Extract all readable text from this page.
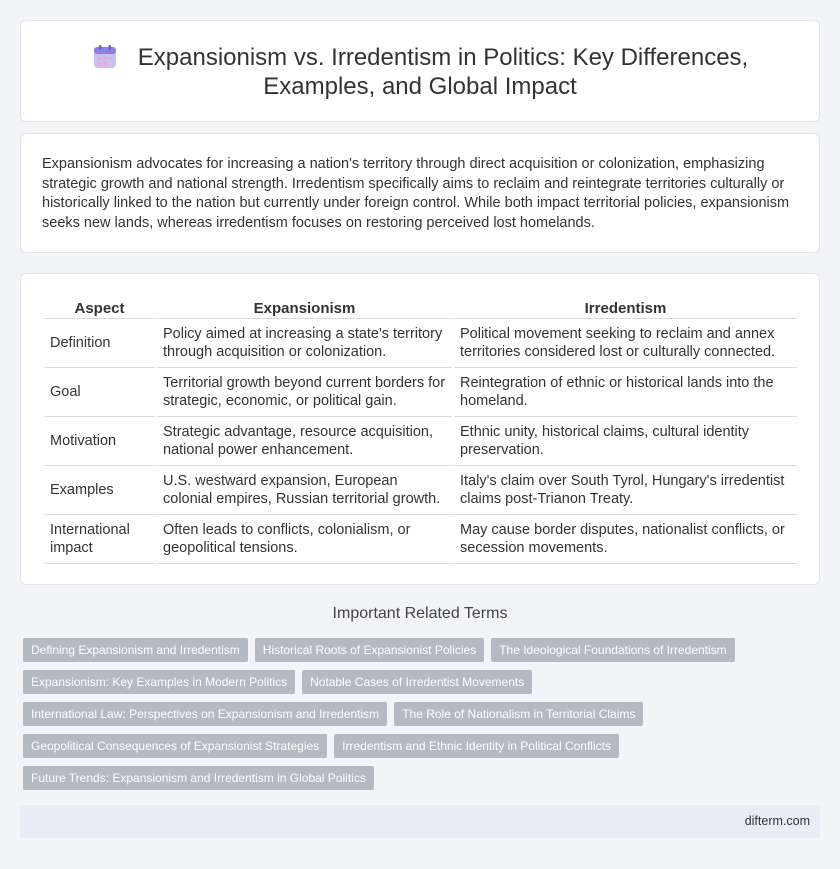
Expansionism vs. Irredentism in Politics: Key Differences,
Examples, and Global Impact

Expansionism advocates for increasing a nation's territory through direct acquisition or colonization, emphasizing strategic growth and national strength. Irredentism specifically aims to reclaim and reintegrate territories culturally or historically linked to the nation but currently under foreign control. While both impact territorial policies, expansionism seeks new lands, whereas irredentism focuses on restoring perceived lost homelands.

Aspect	Expansionism	Irredentism
Definition	Policy aimed at increasing a state's territory through acquisition or colonization.	Political movement seeking to reclaim and annex territories considered lost or culturally connected.
Goal	Territorial growth beyond current borders for strategic, economic, or political gain.	Reintegration of ethnic or historical lands into the homeland.
Motivation	Strategic advantage, resource acquisition, national power enhancement.	Ethnic unity, historical claims, cultural identity preservation.
Examples	U.S. westward expansion, European colonial empires, Russian territorial growth.	Italy's claim over South Tyrol, Hungary's irredentist claims post-Trianon Treaty.
International impact	Often leads to conflicts, colonialism, or geopolitical tensions.	May cause border disputes, nationalist conflicts, or secession movements.
Important Related Terms
Defining Expansionism and Irredentism Historical Roots of Expansionist Policies The Ideological Foundations of Irredentism
Expansionism: Key Examples in Modern Politics Notable Cases of Irredentist Movements
International Law: Perspectives on Expansionism and Irredentism The Role of Nationalism in Territorial Claims
Geopolitical Consequences of Expansionist Strategies Irredentism and Ethnic Identity in Political Conflicts
Future Trends: Expansionism and Irredentism in Global Politics
difterm.com
